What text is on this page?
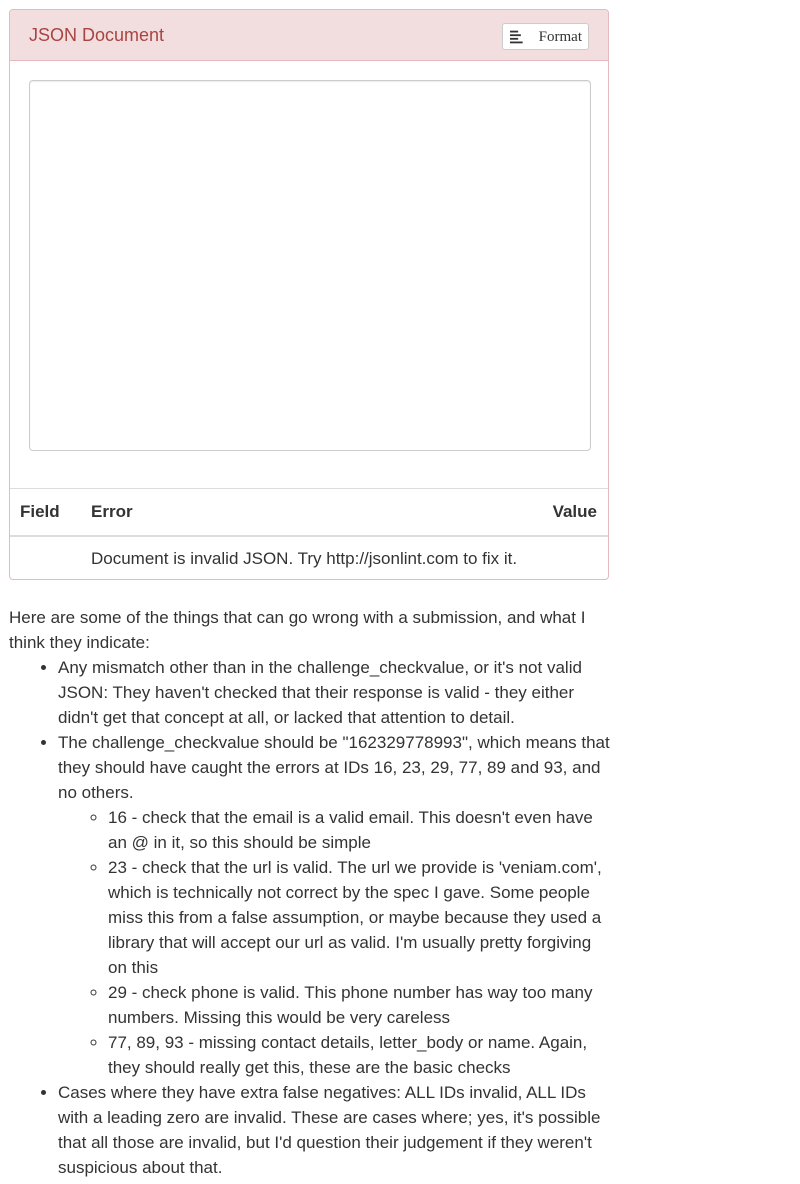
JSON Document	Format
Field	Error	Value
	Document is invalid JSON. Try http://jsonlint.com to fix it.	

Here are some of the things that can go wrong with a submission, and what I think they indicate:

• Any mismatch other than in the challenge_checkvalue, or it's not valid JSON: They haven't checked that their response is valid - they either didn't get that concept at all, or lacked that attention to detail.
• The challenge_checkvalue should be "162329778993", which means that they should have caught the errors at IDs 16, 23, 29, 77, 89 and 93, and no others.
◦ 16 - check that the email is a valid email. This doesn't even have an @ in it, so this should be simple
◦ 23 - check that the url is valid. The url we provide is 'veniam.com', which is technically not correct by the spec I gave. Some people miss this from a false assumption, or maybe because they used a library that will accept our url as valid. I'm usually pretty forgiving on this
◦ 29 - check phone is valid. This phone number has way too many numbers. Missing this would be very careless
◦ 77, 89, 93 - missing contact details, letter_body or name. Again, they should really get this, these are the basic checks
• Cases where they have extra false negatives: ALL IDs invalid, ALL IDs with a leading zero are invalid. These are cases where; yes, it's possible that all those are invalid, but I'd question their judgement if they weren't suspicious about that.
